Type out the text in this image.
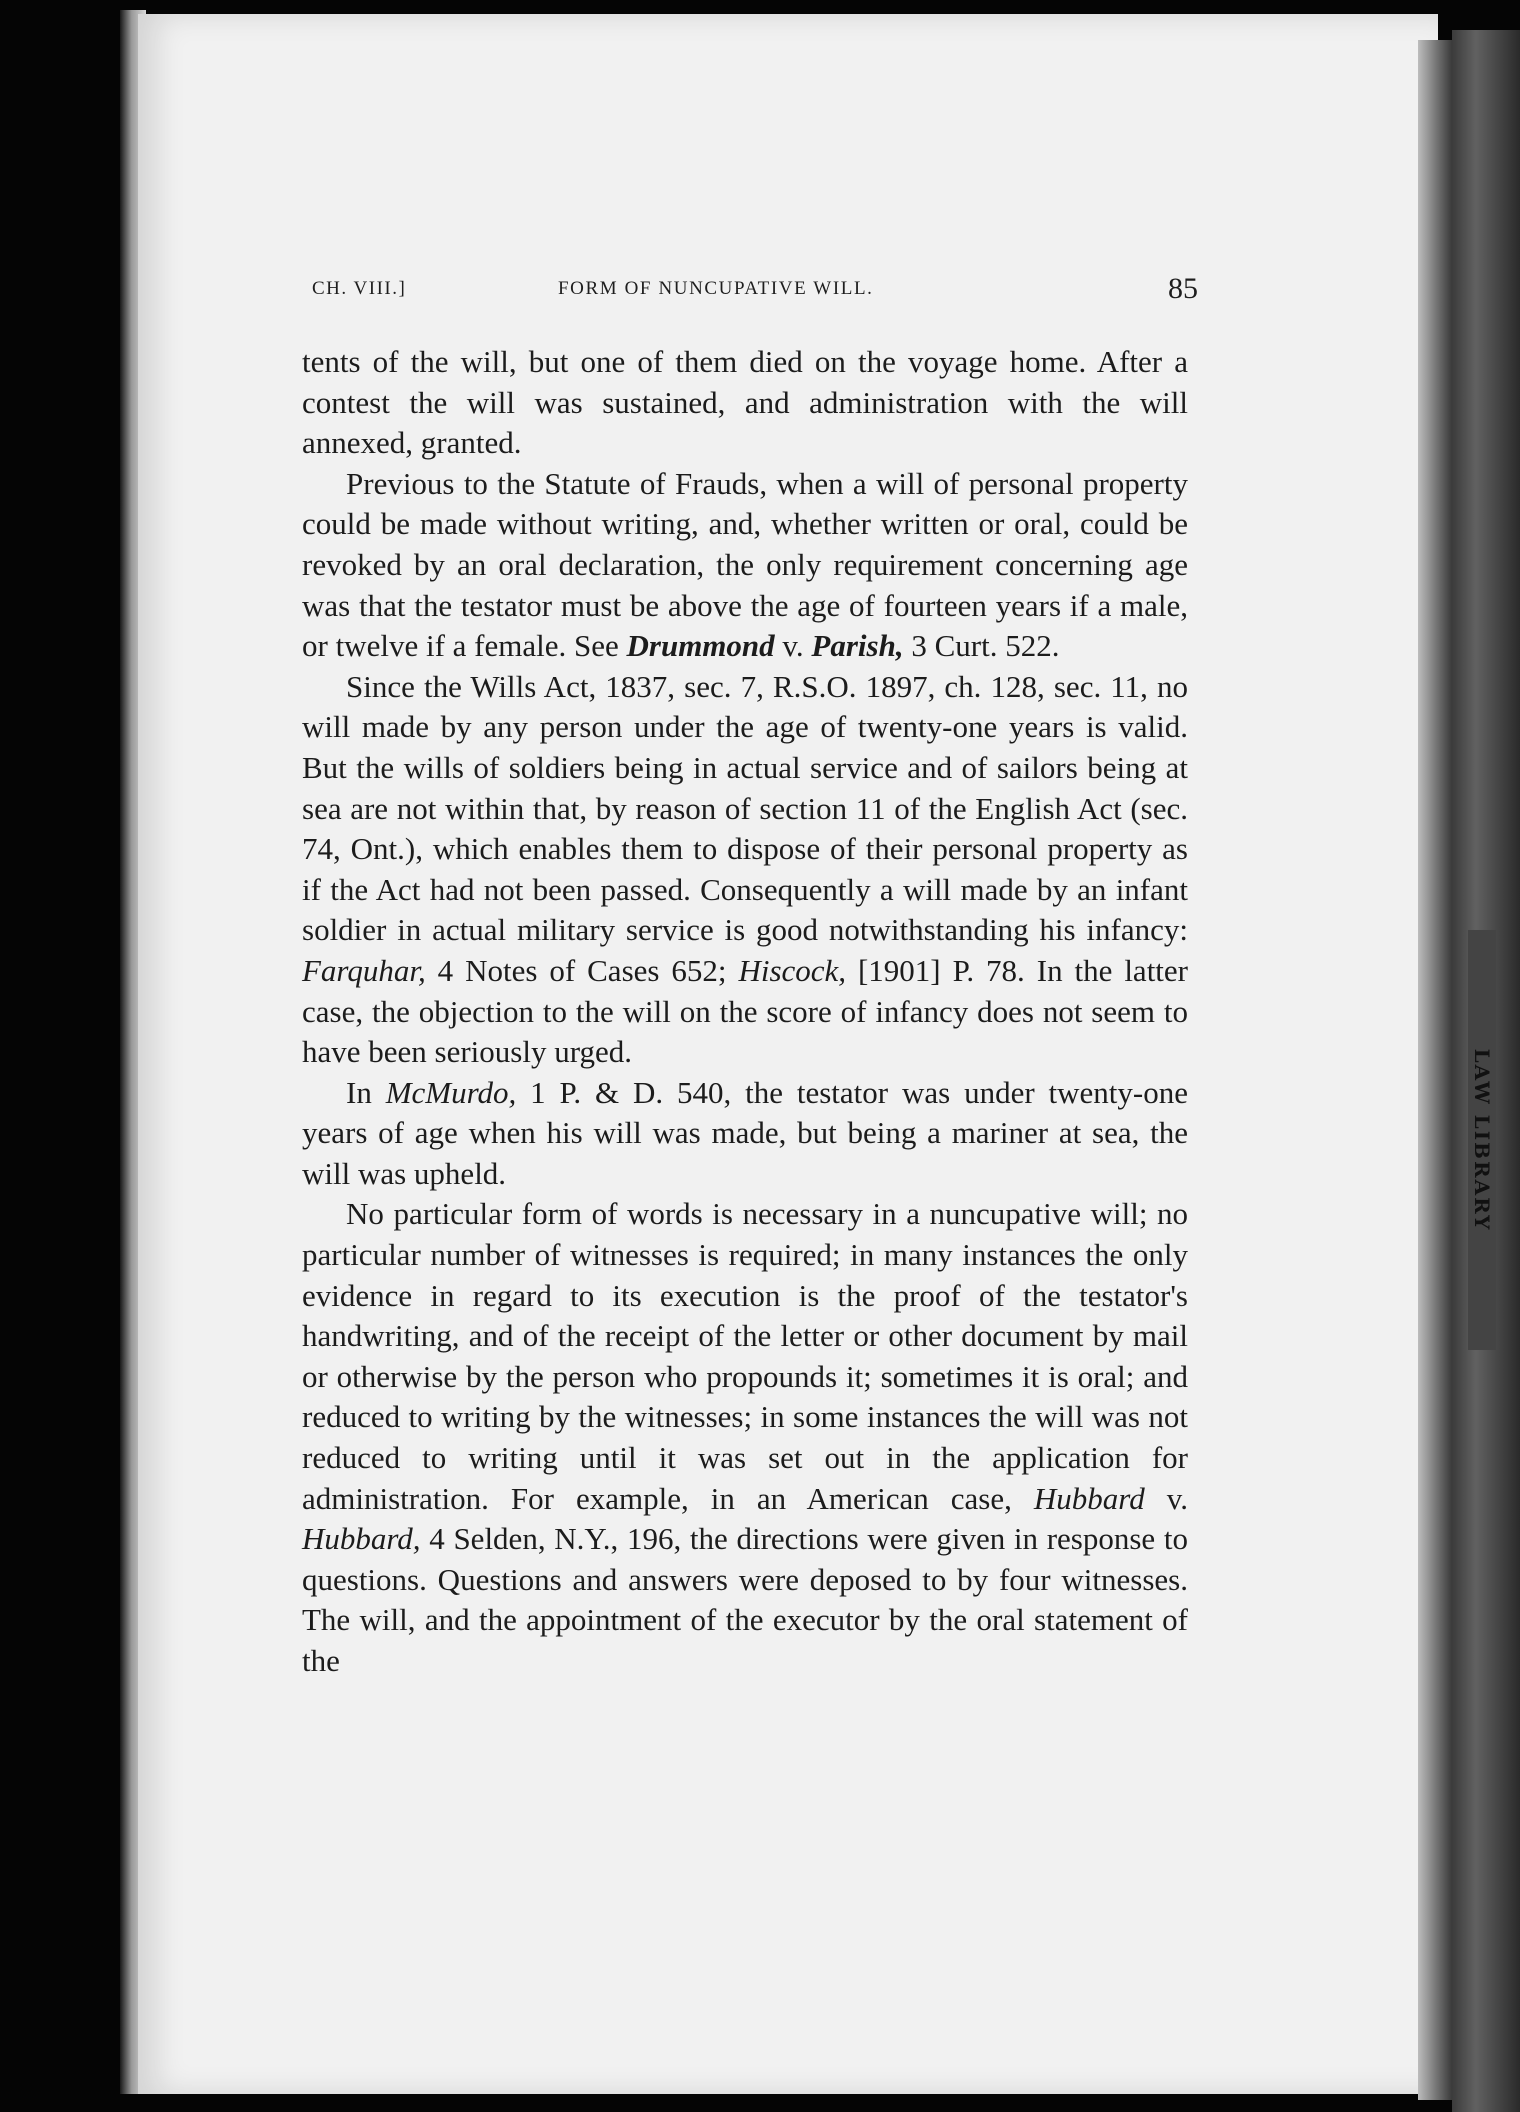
LAW LIBRARY
CH. VIII.]	FORM OF NUNCUPATIVE WILL.	85

tents of the will, but one of them died on the voyage home. After a contest the will was sustained, and administration with the will annexed, granted.

Previous to the Statute of Frauds, when a will of personal property could be made without writing, and, whether written or oral, could be revoked by an oral declaration, the only requirement concerning age was that the testator must be above the age of fourteen years if a male, or twelve if a female. See Drummond v. Parish, 3 Curt. 522.

Since the Wills Act, 1837, sec. 7, R.S.O. 1897, ch. 128, sec. 11, no will made by any person under the age of twenty-one years is valid. But the wills of soldiers being in actual service and of sailors being at sea are not within that, by reason of section 11 of the English Act (sec. 74, Ont.), which enables them to dispose of their personal property as if the Act had not been passed. Consequently a will made by an infant soldier in actual military service is good notwithstanding his infancy: Farquhar, 4 Notes of Cases 652; Hiscock, [1901] P. 78. In the latter case, the objection to the will on the score of infancy does not seem to have been seriously urged.

In McMurdo, 1 P. & D. 540, the testator was under twenty-one years of age when his will was made, but being a mariner at sea, the will was upheld.

No particular form of words is necessary in a nuncupative will; no particular number of witnesses is required; in many instances the only evidence in regard to its execution is the proof of the testator's handwriting, and of the receipt of the letter or other document by mail or otherwise by the person who propounds it; sometimes it is oral; and reduced to writing by the witnesses; in some instances the will was not reduced to writing until it was set out in the application for administration. For example, in an American case, Hubbard v. Hubbard, 4 Selden, N.Y., 196, the directions were given in response to questions. Questions and answers were deposed to by four witnesses. The will, and the appointment of the executor by the oral statement of the
